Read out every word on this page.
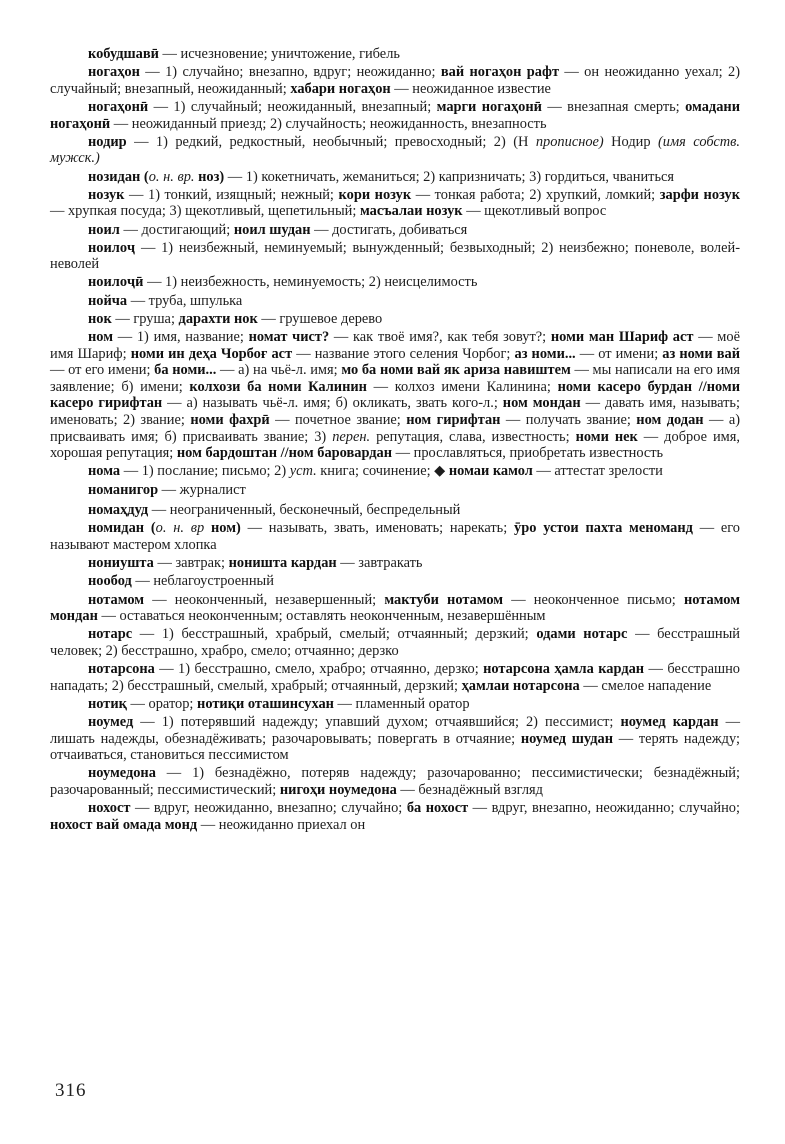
кобудшавӣ — исчезновение; уничтожение, гибель

ногаҳон — 1) случайно; внезапно, вдруг; неожиданно; вай ногаҳон рафт — он неожиданно уехал; 2) случайный; внезапный, неожиданный; хабари ногаҳон — неожиданное известие

ногаҳонӣ — 1) случайный; неожиданный, внезапный; марги ногаҳонӣ — внезапная смерть; омадани ногаҳонӣ — неожиданный приезд; 2) случайность; неожиданность, внезапность

нодир — 1) редкий, редкостный, необычный; превосходный; 2) (Н прописное) Нодир (имя собств. мужск.)

нозидан (о. н. вр. ноз) — 1) кокетничать, жеманиться; 2) капризничать; 3) гордиться, чваниться

нозук — 1) тонкий, изящный; нежный; кори нозук — тонкая работа; 2) хрупкий, ломкий; зарфи нозук — хрупкая посуда; 3) щекотливый, щепетильный; масъалаи нозук — щекотливый вопрос

ноил — достигающий; ноил шудан — достигать, добиваться

ноилоҷ — 1) неизбежный, неминуемый; вынужденный; безвыходный; 2) неизбежно; поневоле, волей-неволей

ноилоҷӣ — 1) неизбежность, неминуемость; 2) неисцелимость

нойча — труба, шпулька

нок — груша; дарахти нок — грушевое дерево

ном — 1) имя, название; номат чист? — как твоё имя?, как тебя зовут?; номи ман Шариф аст — моё имя Шариф; номи ин деҳа Чорбоғ аст — название этого селения Чорбог; аз номи... — от имени; аз номи вай — от его имени; ба номи... — а) на чьё-л. имя; мо ба номи вай як ариза навиштем — мы написали на его имя заявление; б) имени; колхози ба номи Калинин — колхоз имени Калинина; номи касеро бурдан //номи касеро гирифтан — а) называть чьё-л. имя; б) окликать, звать кого-л.; ном мондан — давать имя, называть; именовать; 2) звание; номи фахрӣ — почетное звание; ном гирифтан — получать звание; ном додан — а) присваивать имя; б) присваивать звание; 3) перен. репутация, слава, известность; номи нек — доброе имя, хорошая репутация; ном бардоштан //ном баровардан — прославляться, приобретать известность

нома — 1) послание; письмо; 2) уст. книга; сочинение; ◆ номаи камол — аттестат зрелости

номанигор — журналист

номаҳдуд — неограниченный, бесконечный, беспредельный

номидан (о. н. вр ном) — называть, звать, именовать; нарекать; ӯро устои пахта меноманд — его называют мастером хлопка

нониушта — завтрак; ноништа кардан — завтракать

нообод — неблагоустроенный

нотамом — неоконченный, незавершенный; мактуби нотамом — неоконченное письмо; нотамом мондан — оставаться неоконченным; оставлять неоконченным, незавершённым

нотарс — 1) бесстрашный, храбрый, смелый; отчаянный; дерзкий; одами нотарс — бесстрашный человек; 2) бесстрашно, храбро, смело; отчаянно; дерзко

нотарсона — 1) бесстрашно, смело, храбро; отчаянно, дерзко; нотарсона ҳамла кардан — бесстрашно нападать; 2) бесстрашный, смелый, храбрый; отчаянный, дерзкий; ҳамлаи нотарсона — смелое нападение

нотиқ — оратор; нотиқи оташинсухан — пламенный оратор

ноумед — 1) потерявший надежду; упавший духом; отчаявшийся; 2) пессимист; ноумед кардан — лишать надежды, обезнадёживать; разочаровывать; повергать в отчаяние; ноумед шудан — терять надежду; отчаиваться, становиться пессимистом

ноумедона — 1) безнадёжно, потеряв надежду; разочарованно; пессимистически; безнадёжный; разочарованный; пессимистический; нигоҳи ноумедона — безнадёжный взгляд

нохост — вдруг, неожиданно, внезапно; случайно; ба нохост — вдруг, внезапно, неожиданно; случайно; нохост вай омада монд — неожиданно приехал он

316
